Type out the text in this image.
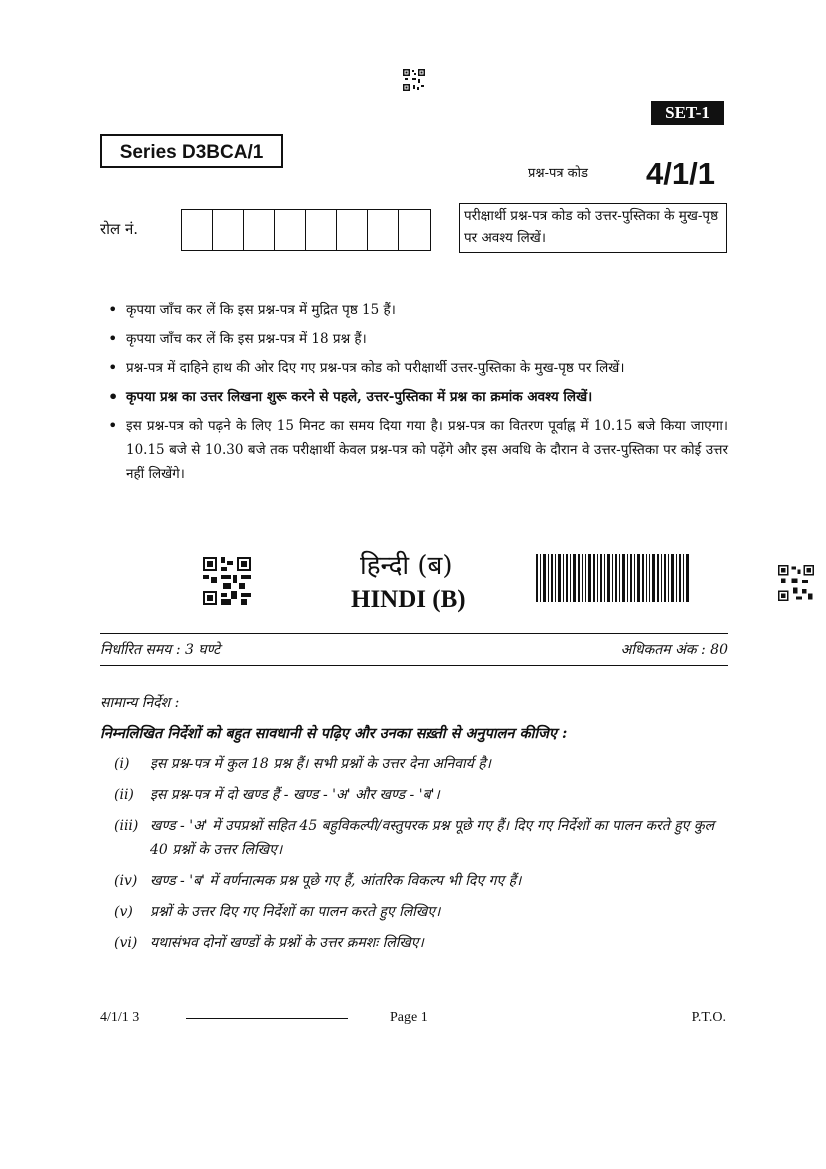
SET-1
Series D3BCA/1
प्रश्न-पत्र कोड 4/1/1
रोल नं.
परीक्षार्थी प्रश्न-पत्र कोड को उत्तर-पुस्तिका के मुख-पृष्ठ पर अवश्य लिखें।
• कृपया जाँच कर लें कि इस प्रश्न-पत्र में मुद्रित पृष्ठ 15 हैं।
• कृपया जाँच कर लें कि इस प्रश्न-पत्र में 18 प्रश्न हैं।
• प्रश्न-पत्र में दाहिने हाथ की ओर दिए गए प्रश्न-पत्र कोड को परीक्षार्थी उत्तर-पुस्तिका के मुख-पृष्ठ पर लिखें।
• कृपया प्रश्न का उत्तर लिखना शुरू करने से पहले, उत्तर-पुस्तिका में प्रश्न का क्रमांक अवश्य लिखें।
• इस प्रश्न-पत्र को पढ़ने के लिए 15 मिनट का समय दिया गया है। प्रश्न-पत्र का वितरण पूर्वाह्न में 10.15 बजे किया जाएगा। 10.15 बजे से 10.30 बजे तक परीक्षार्थी केवल प्रश्न-पत्र को पढ़ेंगे और इस अवधि के दौरान वे उत्तर-पुस्तिका पर कोई उत्तर नहीं लिखेंगे।
हिन्दी (ब)
HINDI (B)
निर्धारित समय : 3 घण्टे	अधिकतम अंक : 80
सामान्य निर्देश :
निम्नलिखित निर्देशों को बहुत सावधानी से पढ़िए और उनका सख़्ती से अनुपालन कीजिए :
(i)	इस प्रश्न-पत्र में कुल 18 प्रश्न हैं। सभी प्रश्नों के उत्तर देना अनिवार्य है।
(ii)	इस प्रश्न-पत्र में दो खण्ड हैं - खण्ड - 'अ' और खण्ड - 'ब'।
(iii) खण्ड - 'अ' में उपप्रश्नों सहित 45 बहुविकल्पी/वस्तुपरक प्रश्न पूछे गए हैं। दिए गए निर्देशों का पालन करते हुए कुल 40 प्रश्नों के उत्तर लिखिए।
(iv) खण्ड - 'ब' में वर्णनात्मक प्रश्न पूछे गए हैं, आंतरिक विकल्प भी दिए गए हैं।
(v)	प्रश्नों के उत्तर दिए गए निर्देशों का पालन करते हुए लिखिए।
(vi) यथासंभव दोनों खण्डों के प्रश्नों के उत्तर क्रमशः लिखिए।
4/1/1 3	Page 1	P.T.O.
